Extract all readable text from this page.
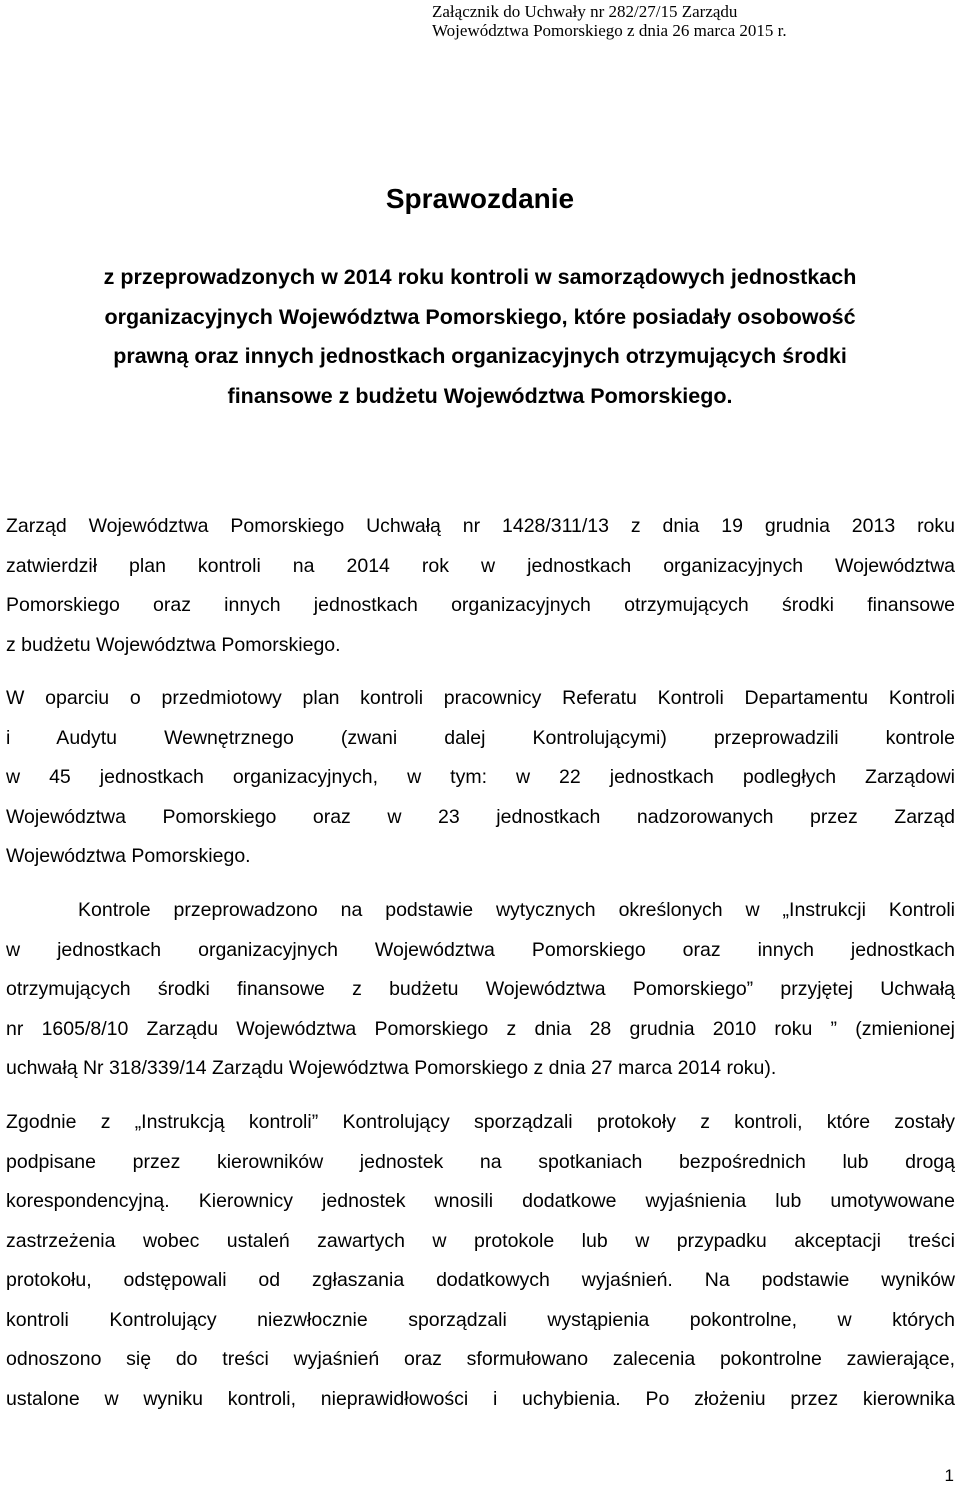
Załącznik do Uchwały nr 282/27/15 Zarządu
Województwa Pomorskiego z dnia 26 marca 2015 r.
Sprawozdanie
z przeprowadzonych w 2014 roku kontroli w samorządowych jednostkach
organizacyjnych Województwa Pomorskiego, które posiadały osobowość
prawną oraz innych jednostkach organizacyjnych otrzymujących środki
finansowe z budżetu Województwa Pomorskiego.
Zarząd Województwa Pomorskiego Uchwałą nr 1428/311/13 z dnia 19 grudnia 2013 roku
zatwierdził plan kontroli na 2014 rok w jednostkach organizacyjnych Województwa
Pomorskiego oraz innych jednostkach organizacyjnych otrzymujących środki finansowe
z budżetu Województwa Pomorskiego.
W oparciu o przedmiotowy plan kontroli pracownicy Referatu Kontroli Departamentu Kontroli
i Audytu Wewnętrznego (zwani dalej Kontrolującymi) przeprowadzili kontrole
w 45 jednostkach organizacyjnych, w tym: w 22 jednostkach podległych Zarządowi
Województwa Pomorskiego oraz w 23 jednostkach nadzorowanych przez Zarząd
Województwa Pomorskiego.
Kontrole przeprowadzono na podstawie wytycznych określonych w „Instrukcji Kontroli
w jednostkach organizacyjnych Województwa Pomorskiego oraz innych jednostkach
otrzymujących środki finansowe z budżetu Województwa Pomorskiego” przyjętej Uchwałą
nr 1605/8/10 Zarządu Województwa Pomorskiego z dnia 28 grudnia 2010 roku ” (zmienionej
uchwałą Nr 318/339/14 Zarządu Województwa Pomorskiego z dnia 27 marca 2014 roku).
Zgodnie z „Instrukcją kontroli” Kontrolujący sporządzali protokoły z kontroli, które zostały
podpisane przez kierowników jednostek na spotkaniach bezpośrednich lub drogą
korespondencyjną. Kierownicy jednostek wnosili dodatkowe wyjaśnienia lub umotywowane
zastrzeżenia wobec ustaleń zawartych w protokole lub w przypadku akceptacji treści
protokołu, odstępowali od zgłaszania dodatkowych wyjaśnień. Na podstawie wyników
kontroli Kontrolujący niezwłocznie sporządzali wystąpienia pokontrolne, w których
odnoszono się do treści wyjaśnień oraz sformułowano zalecenia pokontrolne zawierające,
ustalone w wyniku kontroli, nieprawidłowości i uchybienia. Po złożeniu przez kierownika
1
